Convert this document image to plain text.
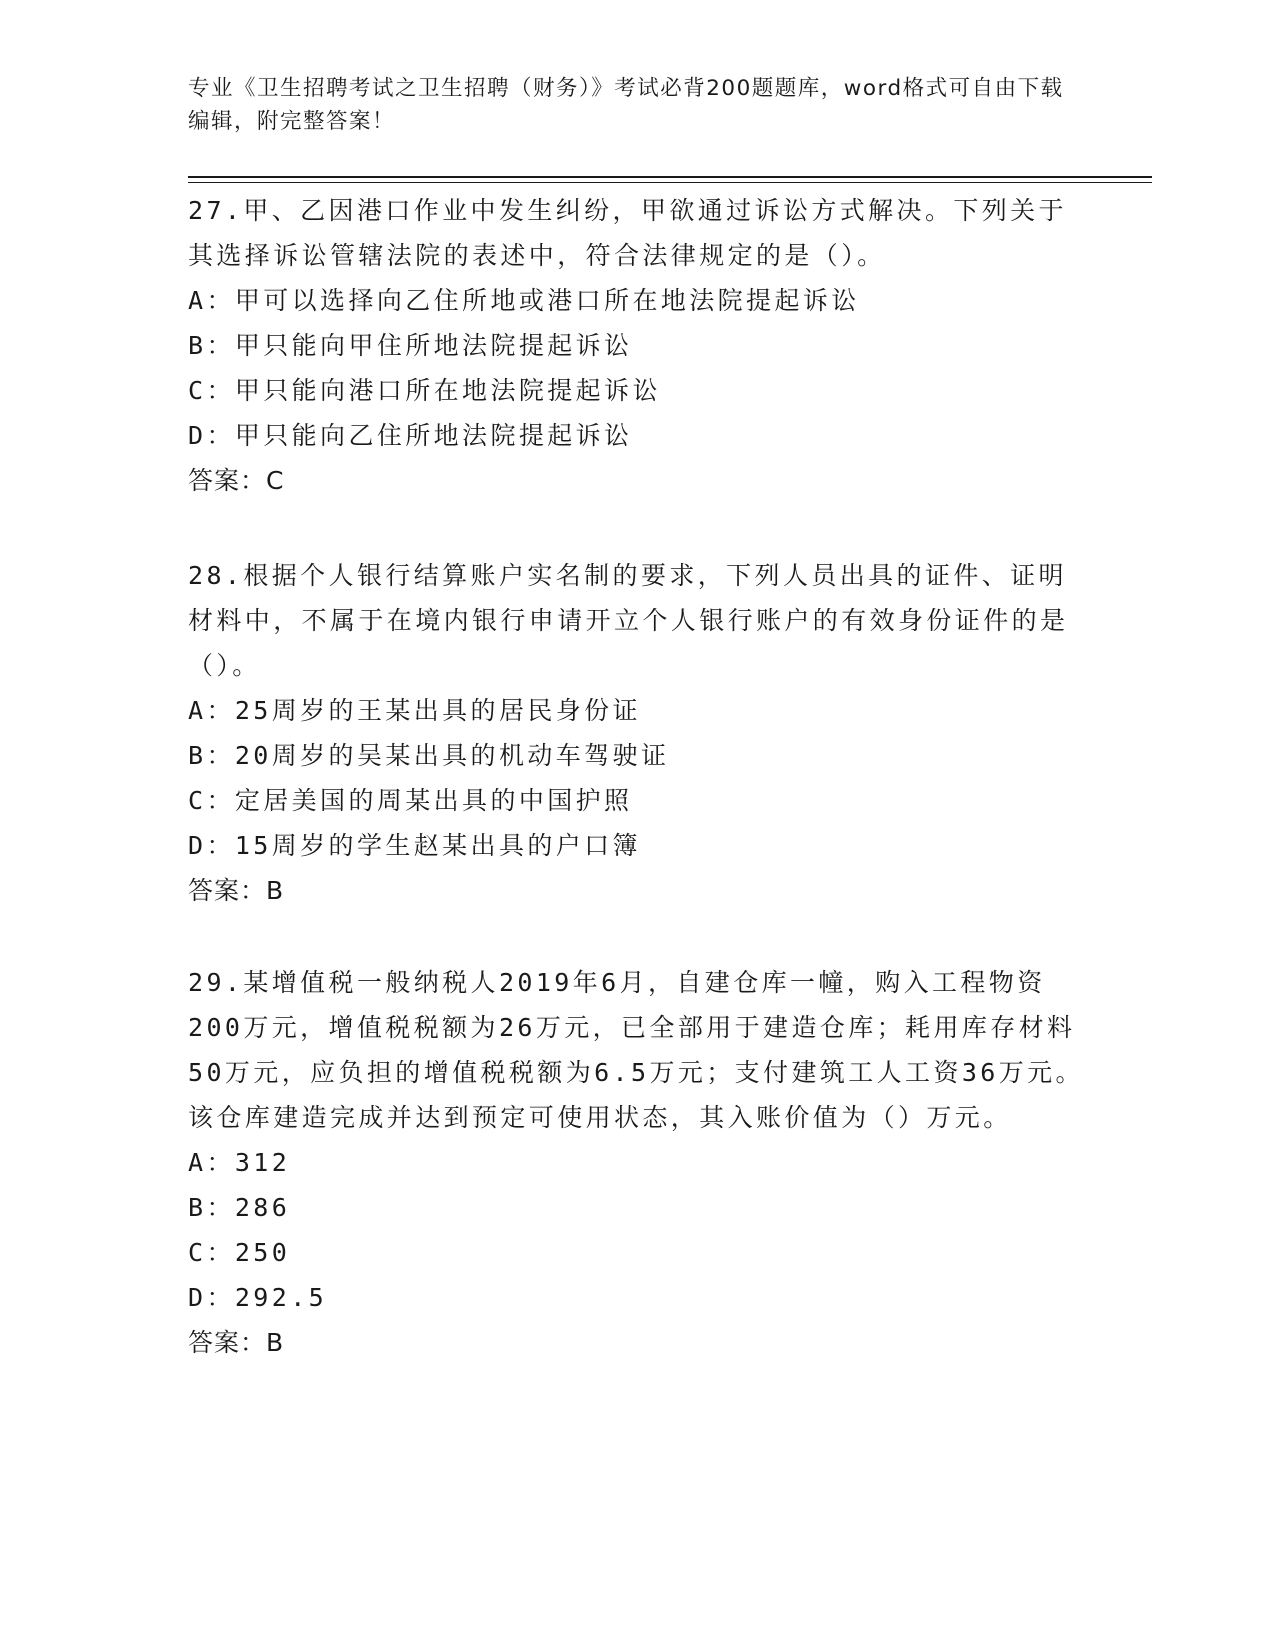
专业《卫生招聘考试之卫生招聘（财务）》考试必背200题题库，word格式可自由下载编辑，附完整答案！

27.甲、乙因港口作业中发生纠纷，甲欲通过诉讼方式解决。下列关于其选择诉讼管辖法院的表述中，符合法律规定的是（）。

A：甲可以选择向乙住所地或港口所在地法院提起诉讼

B：甲只能向甲住所地法院提起诉讼

C：甲只能向港口所在地法院提起诉讼

D：甲只能向乙住所地法院提起诉讼

答案：C

28.根据个人银行结算账户实名制的要求，下列人员出具的证件、证明材料中，不属于在境内银行申请开立个人银行账户的有效身份证件的是（）。

A：25周岁的王某出具的居民身份证

B：20周岁的吴某出具的机动车驾驶证

C：定居美国的周某出具的中国护照

D：15周岁的学生赵某出具的户口簿

答案：B

29.某增值税一般纳税人2019年6月，自建仓库一幢，购入工程物资200万元，增值税税额为26万元，已全部用于建造仓库；耗用库存材料50万元，应负担的增值税税额为6.5万元；支付建筑工人工资36万元。该仓库建造完成并达到预定可使用状态，其入账价值为（）万元。

A：312

B：286

C：250

D：292.5

答案：B
